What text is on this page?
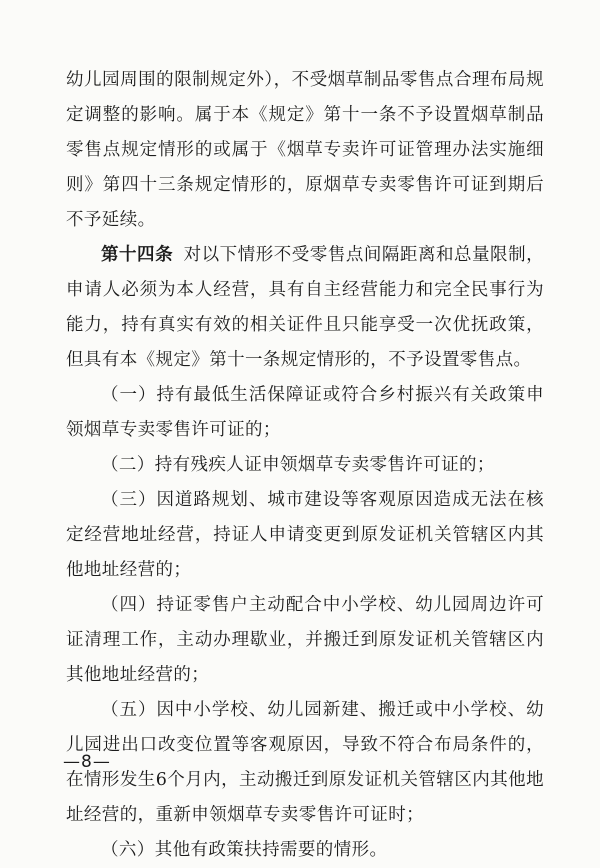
幼儿园周围的限制规定外），不受烟草制品零售点合理布局规定调整的影响。属于本《规定》第十一条不予设置烟草制品零售点规定情形的或属于《烟草专卖许可证管理办法实施细则》第四十三条规定情形的，原烟草专卖零售许可证到期后不予延续。

第十四条 对以下情形不受零售点间隔距离和总量限制，申请人必须为本人经营，具有自主经营能力和完全民事行为能力，持有真实有效的相关证件且只能享受一次优抚政策，但具有本《规定》第十一条规定情形的，不予设置零售点。

（一）持有最低生活保障证或符合乡村振兴有关政策申领烟草专卖零售许可证的；

（二）持有残疾人证申领烟草专卖零售许可证的；

（三）因道路规划、城市建设等客观原因造成无法在核定经营地址经营，持证人申请变更到原发证机关管辖区内其他地址经营的；

（四）持证零售户主动配合中小学校、幼儿园周边许可证清理工作，主动办理歇业，并搬迁到原发证机关管辖区内其他地址经营的；

（五）因中小学校、幼儿园新建、搬迁或中小学校、幼儿园进出口改变位置等客观原因，导致不符合布局条件的，在情形发生6个月内，主动搬迁到原发证机关管辖区内其他地址经营的，重新申领烟草专卖零售许可证时；

（六）其他有政策扶持需要的情形。

—8—
